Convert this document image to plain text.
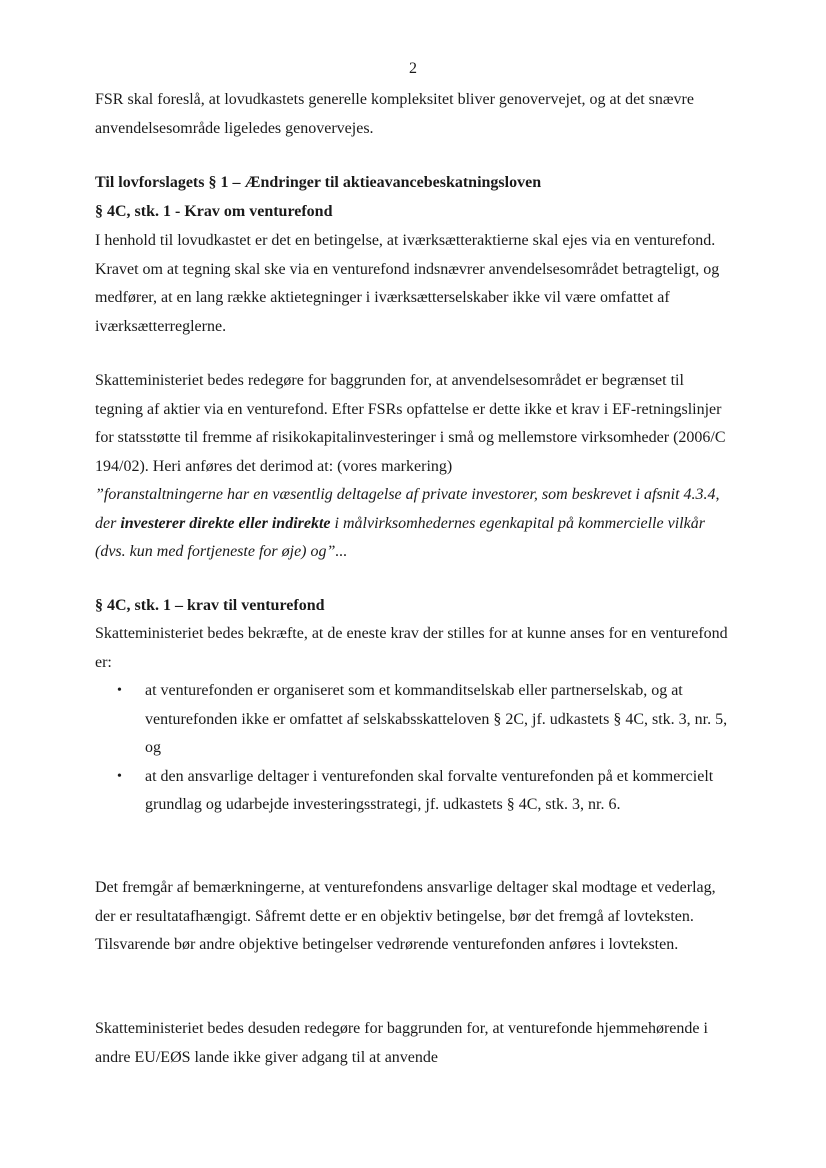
2
FSR skal foreslå, at lovudkastets generelle kompleksitet bliver genovervejet, og at det snævre anvendelsesområde ligeledes genovervejes.
Til lovforslagets § 1 – Ændringer til aktieavancebeskatningsloven
§ 4C, stk. 1 - Krav om venturefond
I henhold til lovudkastet er det en betingelse, at iværksætteraktierne skal ejes via en venturefond. Kravet om at tegning skal ske via en venturefond indsnævrer anvendelsesområdet betragteligt, og medfører, at en lang række aktietegninger i iværksætterselskaber ikke vil være omfattet af iværksætterreglerne.
Skatteministeriet bedes redegøre for baggrunden for, at anvendelsesområdet er begrænset til tegning af aktier via en venturefond. Efter FSRs opfattelse er dette ikke et krav i EF-retningslinjer for statsstøtte til fremme af risikokapitalinvesteringer i små og mellemstore virksomheder (2006/C 194/02). Heri anføres det derimod at: (vores markering)
”foranstaltningerne har en væsentlig deltagelse af private investorer, som beskrevet i afsnit 4.3.4, der investerer direkte eller indirekte i målvirksomhedernes egenkapital på kommercielle vilkår (dvs. kun med fortjeneste for øje) og”...
§ 4C, stk. 1 – krav til venturefond
Skatteministeriet bedes bekræfte, at de eneste krav der stilles for at kunne anses for en venturefond er:
• at venturefonden er organiseret som et kommanditselskab eller partnerselskab, og at venturefonden ikke er omfattet af selskabsskatteloven § 2C, jf. udkastets § 4C, stk. 3, nr. 5, og
• at den ansvarlige deltager i venturefonden skal forvalte venturefonden på et kommercielt grundlag og udarbejde investeringsstrategi, jf. udkastets § 4C, stk. 3, nr. 6.
Det fremgår af bemærkningerne, at venturefondens ansvarlige deltager skal modtage et vederlag, der er resultatafhængigt. Såfremt dette er en objektiv betingelse, bør det fremgå af lovteksten. Tilsvarende bør andre objektive betingelser vedrørende venturefonden anføres i lovteksten.
Skatteministeriet bedes desuden redegøre for baggrunden for, at venturefonde hjemmehørende i andre EU/EØS lande ikke giver adgang til at anvende
